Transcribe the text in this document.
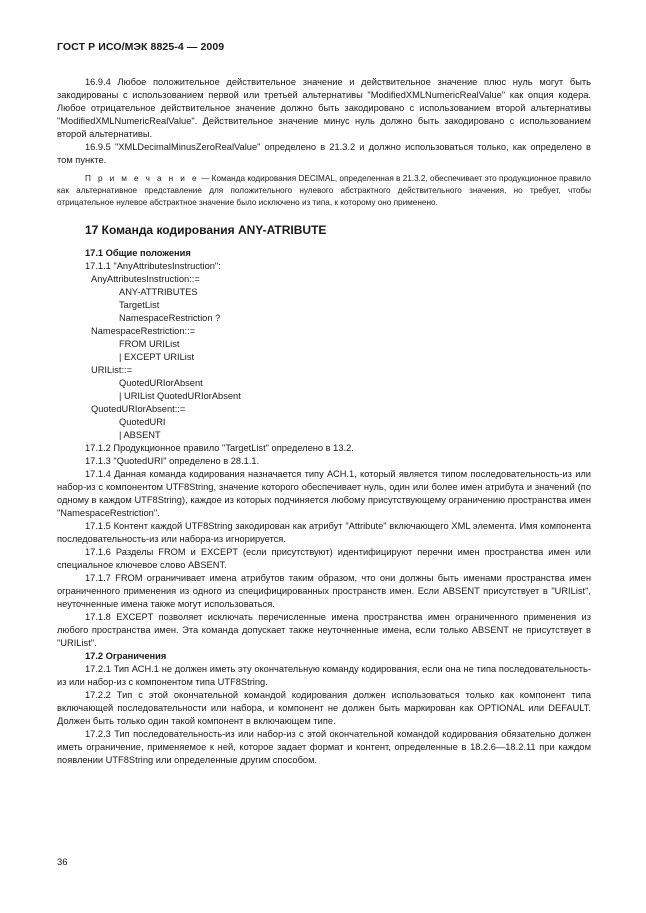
ГОСТ Р ИСО/МЭК 8825-4 — 2009

16.9.4 Любое положительное действительное значение и действительное значение плюс нуль могут быть закодированы с использованием первой или третьей альтернативы "ModifiedXMLNumericRealValue" как опция кодера. Любое отрицательное действительное значение должно быть закодировано с использованием второй альтернативы "ModifiedXMLNumericRealValue". Действительное значение минус нуль должно быть закодировано с использованием второй альтернативы.

16.9.5 "XMLDecimalMinusZeroRealValue" определено в 21.3.2 и должно использоваться только, как определено в том пункте.

П р и м е ч а н и е — Команда кодирования DECIMAL, определенная в 21.3.2, обеспечивает это продукционное правило как альтернативное представление для положительного нулевого абстрактного действительного значения, но требует, чтобы отрицательное нулевое абстрактное значение было исключено из типа, к которому оно применено.

17 Команда кодирования ANY-ATRIBUTE
17.1 Общие положения

17.1.1 "AnyAttributesInstruction":

AnyAttributesInstruction::=
ANY-ATTRIBUTES
TargetList
NamespaceRestriction ?
NamespaceRestriction::=
FROM URIList
| EXCEPT URIList
URIList::=
QuotedURIorAbsent
| URIList QuotedURIorAbsent
QuotedURIorAbsent::=
QuotedURI
| ABSENT

17.1.2 Продукционное правило "TargetList" определено в 13.2.

17.1.3 "QuotedURI" определено в 28.1.1.

17.1.4 Данная команда кодирования назначается типу АСН.1, который является типом последовательность-из или набор-из с компонентом UTF8String, значение которого обеспечивает нуль, один или более имен атрибута и значений (по одному в каждом UTF8String), каждое из которых подчиняется любому присутствующему ограничению пространства имен "NamespaceRestriction".

17.1.5 Контент каждой UTF8String закодирован как атрибут "Attribute" включающего XML элемента. Имя компонента последовательность-из или набора-из игнорируется.

17.1.6 Разделы FROM и EXCEPT (если присутствуют) идентифицируют перечни имен пространства имен или специальное ключевое слово ABSENT.

17.1.7 FROM ограничивает имена атрибутов таким образом, что они должны быть именами пространства имен ограниченного применения из одного из специфицированных пространств имен. Если ABSENT присутствует в "URIList", неуточненные имена также могут использоваться.

17.1.8 EXCEPT позволяет исключать перечисленные имена пространства имен ограниченного применения из любого пространства имен. Эта команда допускает также неуточненные имена, если только ABSENT не присутствует в "URIList".

17.2 Ограничения

17.2.1 Тип АСН.1 не должен иметь эту окончательную команду кодирования, если она не типа последовательность-из или набор-из с компонентом типа UTF8String.

17.2.2 Тип с этой окончательной командой кодирования должен использоваться только как компонент типа включающей последовательности или набора, и компонент не должен быть маркирован как OPTIONAL или DEFAULT. Должен быть только один такой компонент в включающем типе.

17.2.3 Тип последовательность-из или набор-из с этой окончательной командой кодирования обязательно должен иметь ограничение, применяемое к ней, которое задает формат и контент, определенные в 18.2.6—18.2.11 при каждом появлении UTF8String или определенные другим способом.

36
